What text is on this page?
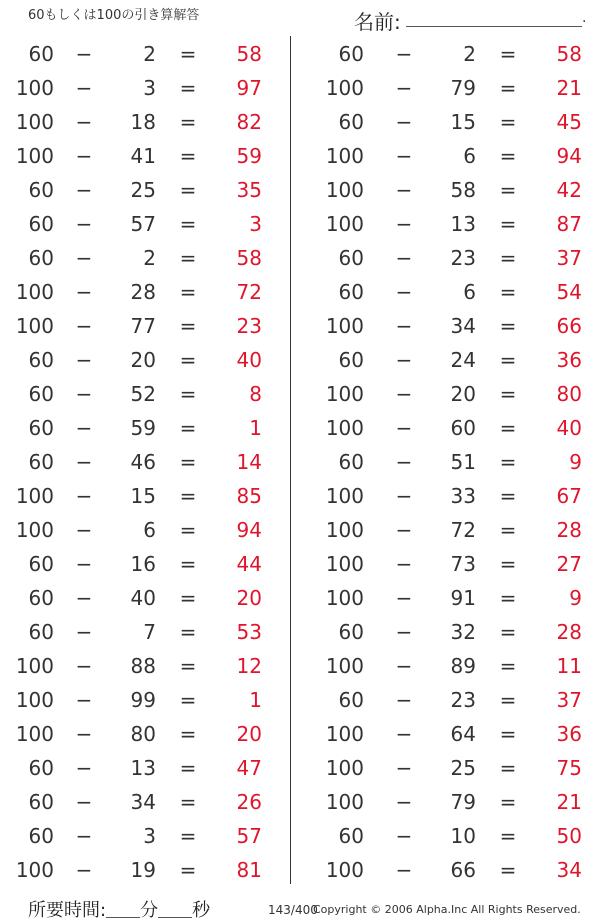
60もしくは100の引き算解答	名前:	.
60 −	2 =	58
100 −	3 =	97
100 −	18 =	82
100 −	41 =	59
60 −	25 =	35
60 −	57 =	3
60 −	2 =	58
100 −	28 =	72
100 −	77 =	23
60 −	20 =	40
60 −	52 =	8
60 −	59 =	1
60 −	46 =	14
100 −	15 =	85
100 −	6 =	94
60 −	16 =	44
60 −	40 =	20
60 −	7 =	53
100 −	88 =	12
100 −	99 =	1
100 −	80 =	20
60 −	13 =	47
60 −	34 =	26
60 −	3 =	57
100 −	19 =	81
60 −	2 =	58
100 −	79 =	21
60 −	15 =	45
100 −	6 =	94
100 −	58 =	42
100 −	13 =	87
60 −	23 =	37
60 −	6 =	54
100 −	34 =	66
60 −	24 =	36
100 −	20 =	80
100 −	60 =	40
60 −	51 =	9
100 −	33 =	67
100 −	72 =	28
100 −	73 =	27
100 −	91 =	9
60 −	32 =	28
100 −	89 =	11
60 −	23 =	37
100 −	64 =	36
100 −	25 =	75
100 −	79 =	21
60 −	10 =	50
100 −	66 =	34
所要時間: 分 秒	143/400
Copyright © 2006 Alpha.Inc All Rights Reserved.
